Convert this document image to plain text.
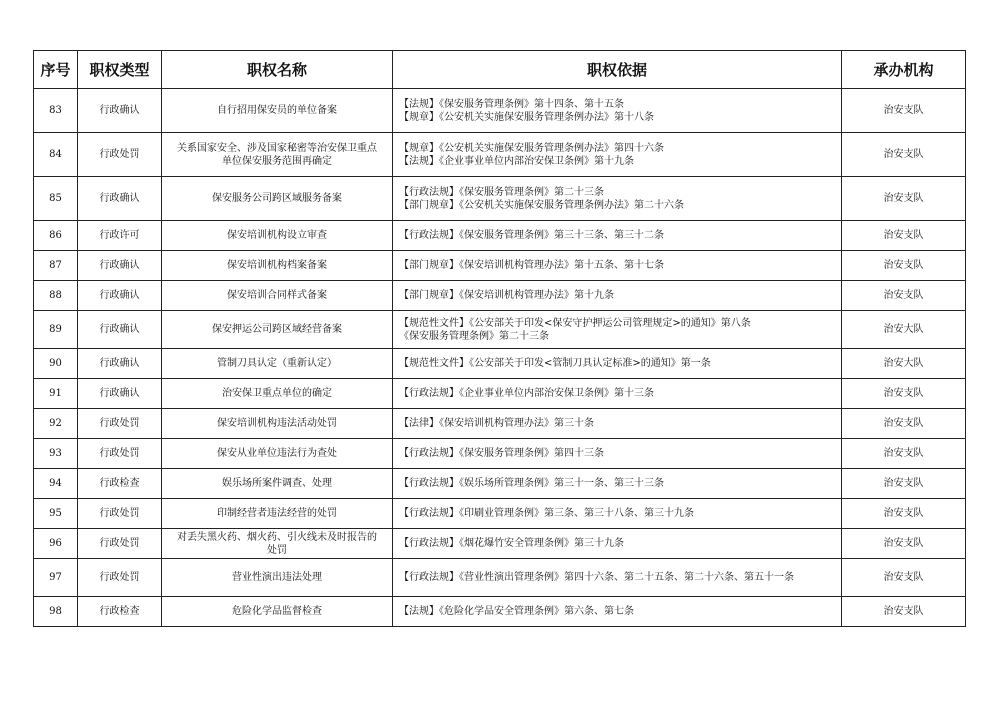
序号	职权类型	职权名称	职权依据	承办机构
83	行政确认	自行招用保安员的单位备案	【法规】《保安服务管理条例》第十四条、第十五条
【规章】《公安机关实施保安服务管理条例办法》第十八条	治安支队
84	行政处罚	关系国家安全、涉及国家秘密等治安保卫重点
单位保安服务范围再确定	【规章】《公安机关实施保安服务管理条例办法》第四十六条
【法规】《企业事业单位内部治安保卫条例》第十九条	治安支队
85	行政确认	保安服务公司跨区域服务备案	【行政法规】《保安服务管理条例》第二十三条
【部门规章】《公安机关实施保安服务管理条例办法》第二十六条	治安支队
86	行政许可	保安培训机构设立审查	【行政法规】《保安服务管理条例》第三十三条、第三十二条	治安支队
87	行政确认	保安培训机构档案备案	【部门规章】《保安培训机构管理办法》第十五条、第十七条	治安支队
88	行政确认	保安培训合同样式备案	【部门规章】《保安培训机构管理办法》第十九条	治安支队
89	行政确认	保安押运公司跨区域经营备案	【规范性文件】《公安部关于印发<保安守护押运公司管理规定>的通知》第八条
《保安服务管理条例》第二十三条	治安大队
90	行政确认	管制刀具认定（重新认定）	【规范性文件】《公安部关于印发<管制刀具认定标准>的通知》第一条	治安大队
91	行政确认	治安保卫重点单位的确定	【行政法规】《企业事业单位内部治安保卫条例》第十三条	治安支队
92	行政处罚	保安培训机构违法活动处罚	【法律】《保安培训机构管理办法》第三十条	治安支队
93	行政处罚	保安从业单位违法行为查处	【行政法规】《保安服务管理条例》第四十三条	治安支队
94	行政检查	娱乐场所案件调查、处理	【行政法规】《娱乐场所管理条例》第三十一条、第三十三条	治安支队
95	行政处罚	印制经营者违法经营的处罚	【行政法规】《印刷业管理条例》第三条、第三十八条、第三十九条	治安支队
96	行政处罚	对丢失黑火药、烟火药、引火线未及时报告的
处罚	【行政法规】《烟花爆竹安全管理条例》第三十九条	治安支队
97	行政处罚	营业性演出违法处理	【行政法规】《营业性演出管理条例》第四十六条、第二十五条、第二十六条、第五十一条	治安支队
98	行政检查	危险化学品监督检查	【法规】《危险化学品安全管理条例》第六条、第七条	治安支队
